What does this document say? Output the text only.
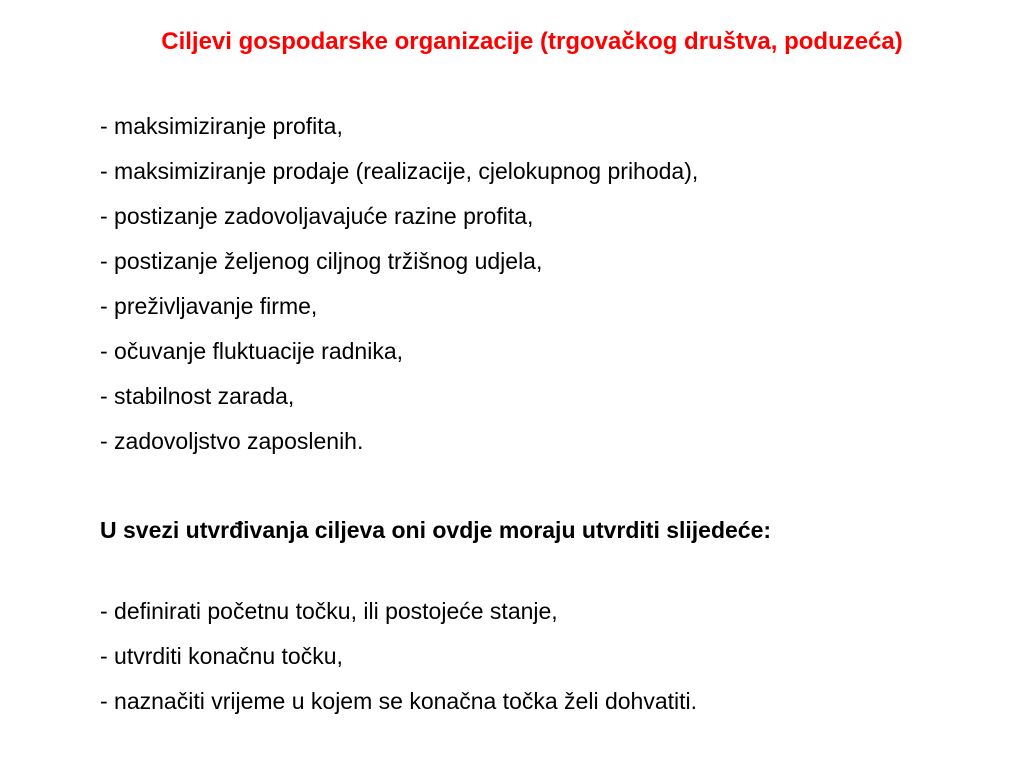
Ciljevi gospodarske organizacije (trgovačkog društva, poduzeća)
- maksimiziranje profita,
- maksimiziranje prodaje (realizacije, cjelokupnog prihoda),
- postizanje zadovoljavajuće razine profita,
- postizanje željenog ciljnog tržišnog udjela,
- preživljavanje firme,
- očuvanje fluktuacije radnika,
- stabilnost zarada,
- zadovoljstvo zaposlenih.
U svezi utvrđivanja ciljeva oni ovdje moraju utvrditi slijedeće:
- definirati početnu točku, ili postojeće stanje,
- utvrditi konačnu točku,
- naznačiti vrijeme u kojem se konačna točka želi dohvatiti.
